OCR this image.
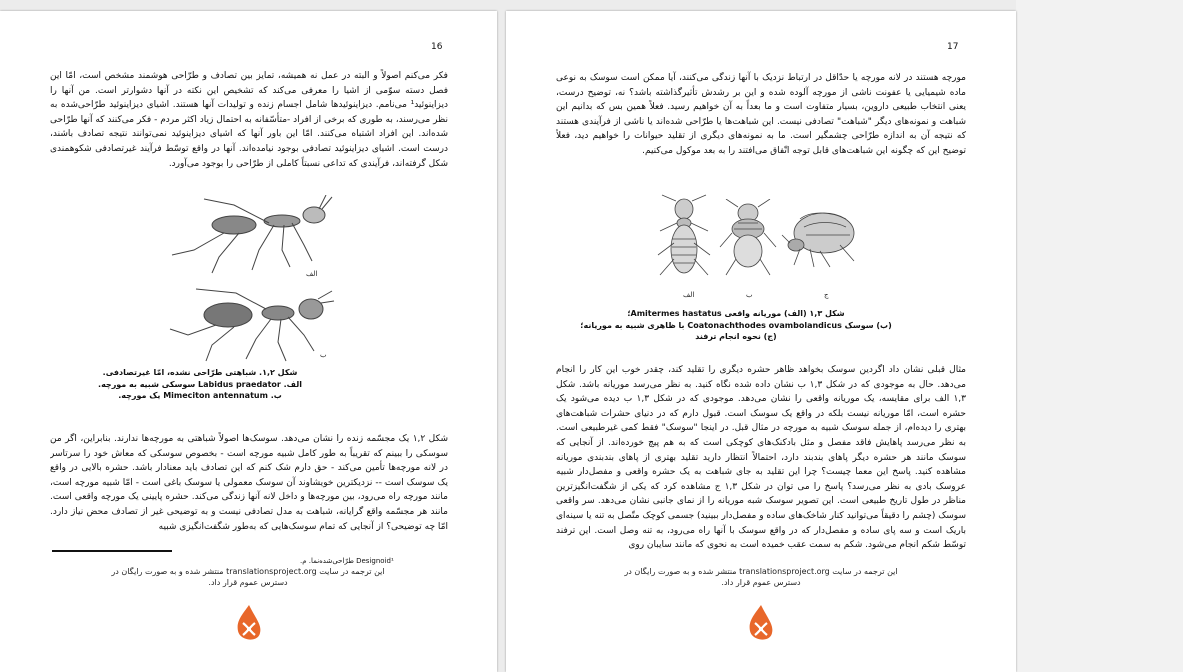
16
فکر می‌کنم اصولاً و البته در عمل نه همیشه، تمایز بین تصادف و طرّاحی هوشمند مشخص است، امّا این فصل دسته سوّمی از اشیا را معرفی می‌کند که تشخیص این نکته در آنها دشوارتر است. من آنها را دیزاینوئید¹ می‌نامم. دیزاینوئیدها شامل اجسام زنده و تولیدات آنها هستند. اشیای دیزاینوئید طرّاحی‌شده به نظر می‌رسند، به طوری که برخی از افراد -متأسّفانه به احتمال زیاد اکثر مردم - فکر می‌کنند که آنها طرّاحی شده‌اند. این افراد اشتباه می‌کنند. امّا این باور آنها که اشیای دیزاینوئید نمی‌توانند نتیجه تصادف باشند، درست است. اشیای دیزاینوئید تصادفی بوجود نیامده‌اند. آنها در واقع توسّط فرآیند غیرتصادفی شکوهمندی شکل گرفته‌اند، فرآیندی که تداعی نسبتاً کاملی از طرّاحی را بوجود می‌آورد.
الف
ب
شکل ۱,۲. شباهتی طرّاحی نشده، امّا غیرتصادفی.
الف. Labidus praedator سوسکی شبیه به مورچه.
ب. Mimeciton antennatum یک مورچه.
شکل ۱,۲ یک مجسّمه زنده را نشان می‌دهد. سوسک‌ها اصولاً شباهتی به مورچه‌ها ندارند. بنابراین، اگر من سوسکی را ببینم که تقریباً به طور کامل شبیه مورچه است - بخصوص سوسکی که معاش خود را سرتاسر در لانه مورچه‌ها تأمین می‌کند - حق دارم شک کنم که این تصادف باید معنادار باشد. حشره بالایی در واقع یک سوسک است -- نزدیکترین خویشاوند آن سوسک معمولی یا سوسک باغی است - امّا شبیه مورچه است، مانند مورچه راه می‌رود، بین مورچه‌ها و داخل لانه آنها زندگی می‌کند. حشره پایینی یک مورچه واقعی است. مانند هر مجسّمه واقع گرایانه، شباهت به مدل تصادفی نیست و به توضیحی غیر از تصادف محض نیاز دارد. امّا چه توضیحی؟ از آنجایی که تمام سوسک‌هایی که به‌طور شگفت‌انگیزی شبیه
Designoid¹ طرّاحی‌شده‌نما. م.
این ترجمه در سایت translationsproject.org منتشر شده و به صورت رایگان در
دسترس عموم قرار داد.
17
مورچه هستند در لانه مورچه یا حدّاقل در ارتباط نزدیک با آنها زندگی می‌کنند، آیا ممکن است سوسک به نوعی ماده شیمیایی یا عفونت ناشی از مورچه آلوده شده و این بر رشدش تأثیرگذاشته باشد؟ نه، توضیح درست، یعنی انتخاب طبیعی داروین، بسیار متفاوت است و ما بعداً به آن خواهیم رسید. فعلاً همین بس که بدانیم این شباهت و نمونه‌های دیگر "شباهت" تصادفی نیست. این شباهت‌ها یا طرّاحی شده‌اند یا ناشی از فرآیندی هستند که نتیجه آن به اندازه طرّاحی چشمگیر است. ما به نمونه‌های دیگری از تقلید حیوانات را خواهیم دید، فعلاً توضیح این که چگونه این شباهت‌های قابل توجه اتّفاق می‌افتند را به بعد موکول می‌کنیم.
الف	ب	ج
شکل ۱,۳ (الف) موریانه واقعی Amitermes hastatus؛
(ب) سوسک Coatonachthodes ovambolandicus با ظاهری شبیه به موریانه؛
(ج) نحوه انجام ترفند
مثال قبلی نشان داد اگردین سوسک بخواهد ظاهر حشره دیگری را تقلید کند، چقدر خوب این کار را انجام می‌دهد. حال به موجودی که در شکل ۱,۳ ب نشان داده شده نگاه کنید. به نظر می‌رسد موریانه باشد. شکل ۱,۳ الف برای مقایسه، یک موریانه واقعی را نشان می‌دهد. موجودی که در شکل ۱,۳ ب دیده می‌شود یک حشره است، امّا موریانه نیست بلکه در واقع یک سوسک است. قبول دارم که در دنیای حشرات شباهت‌های بهتری را دیده‌ام، از جمله سوسک شبیه به مورچه در مثال قبل. در اینجا "سوسک" فقط کمی غیرطبیعی است. به نظر می‌رسد پاهایش فاقد مفصل و مثل بادکنک‌های کوچکی است که به هم پیچ خورده‌اند. از آنجایی که سوسک مانند هر حشره دیگر پاهای بندبند دارد، احتمالاً انتظار دارید تقلید بهتری از پاهای بندبندی موریانه مشاهده کنید. پاسخ این معما چیست؟ چرا این تقلید به جای شباهت به یک حشره واقعی و مفصل‌دار شبیه عروسک بادی به نظر می‌رسد؟ پاسخ را می توان در شکل ۱,۳ ج مشاهده کرد که یکی از شگفت‌انگیزترین مناظر در طول تاریخ طبیعی است. این تصویر سوسک شبه موریانه را از نمای جانبی نشان می‌دهد. سر واقعی سوسک (چشم را دقیقاً می‌توانید کنار شاخک‌های ساده و مفصل‌دار ببینید) جسمی کوچک متّصل به تنه یا سینه‌ای باریک است و سه پای ساده و مفصل‌دار که در واقع سوسک با آنها راه می‌رود، به تنه وصل است. این ترفند توسّط شکم انجام می‌شود. شکم به سمت عقب خمیده است به نحوی که مانند سایبان روی
این ترجمه در سایت translationsproject.org منتشر شده و به صورت رایگان در
دسترس عموم قرار داد.
